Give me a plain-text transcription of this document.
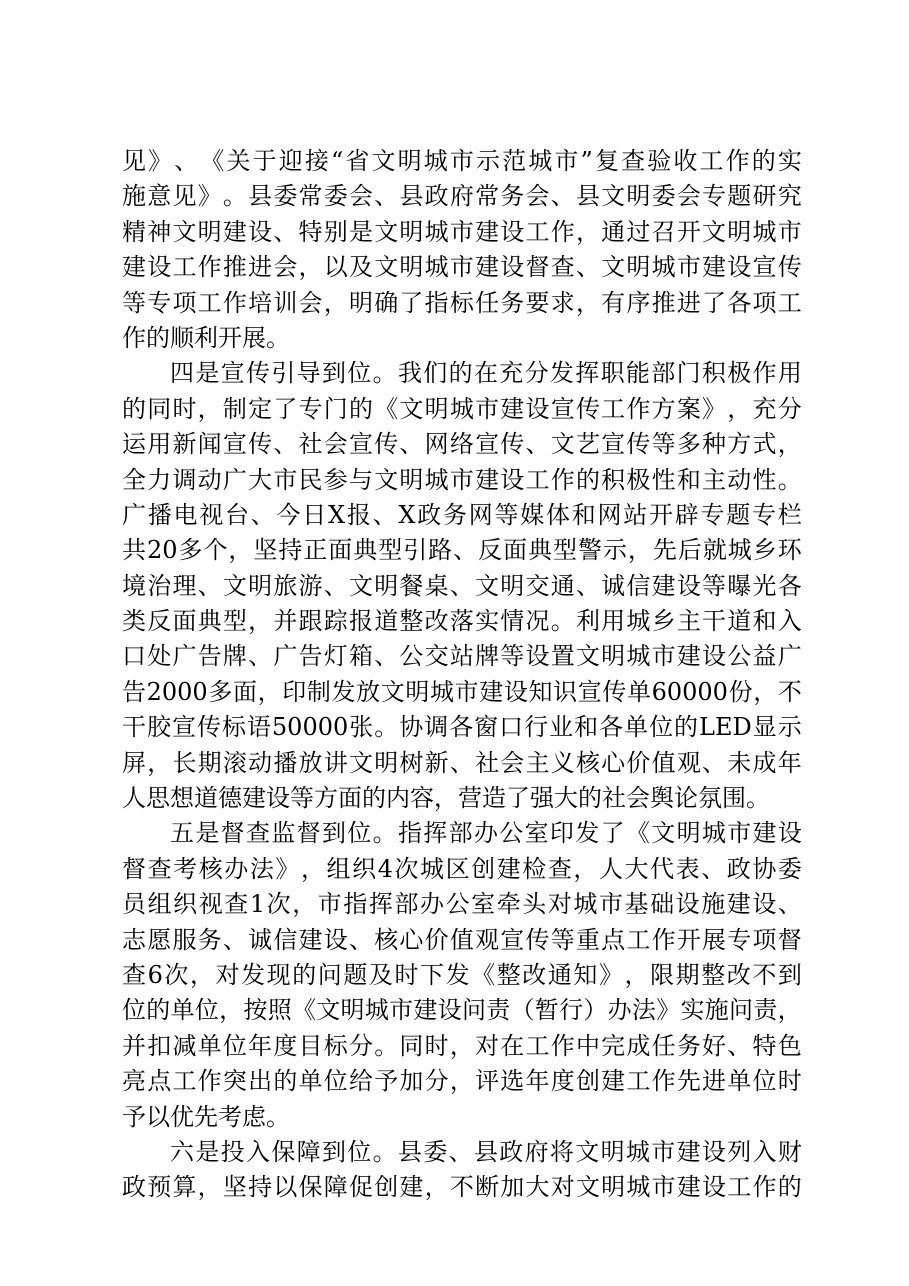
见 》 、 《 关 于 迎 接 “ 省 文 明 城 市 示 范 城 市 ” 复 查 验 收 工 作 的 实
施 意 见 》 。 县 委 常 委 会 、 县 政 府 常 务 会 、 县 文 明 委 会 专 题 研 究
精 神 文 明 建 设 、 特 别 是 文 明 城 市 建 设 工 作 ， 通 过 召 开 文 明 城 市
建 设 工 作 推 进 会 ， 以 及 文 明 城 市 建 设 督 查 、 文 明 城 市 建 设 宣 传
等 专 项 工 作 培 训 会 ， 明 确 了 指 标 任 务 要 求 ， 有 序 推 进 了 各 项 工
作 的 顺 利 开 展 。
四 是 宣 传 引 导 到 位 。 我 们 的 在 充 分 发 挥 职 能 部 门 积 极 作 用
的 同 时 ， 制 定 了 专 门 的 《 文 明 城 市 建 设 宣 传 工 作 方 案 》 ， 充 分
运 用 新 闻 宣 传 、 社 会 宣 传 、 网 络 宣 传 、 文 艺 宣 传 等 多 种 方 式 ，
全 力 调 动 广 大 市 民 参 与 文 明 城 市 建 设 工 作 的 积 极 性 和 主 动 性 。
广 播 电 视 台 、 今 日 X 报 、 X 政 务 网 等 媒 体 和 网 站 开 辟 专 题 专 栏
共 20 多 个 ， 坚 持 正 面 典 型 引 路 、 反 面 典 型 警 示 ， 先 后 就 城 乡 环
境 治 理 、 文 明 旅 游 、 文 明 餐 桌 、 文 明 交 通 、 诚 信 建 设 等 曝 光 各
类 反 面 典 型 ， 并 跟 踪 报 道 整 改 落 实 情 况 。 利 用 城 乡 主 干 道 和 入
口 处 广 告 牌 、 广 告 灯 箱 、 公 交 站 牌 等 设 置 文 明 城 市 建 设 公 益 广
告 2000 多 面 ， 印 制 发 放 文 明 城 市 建 设 知 识 宣 传 单 60000 份 ， 不
干 胶 宣 传 标 语 50000 张 。 协 调 各 窗 口 行 业 和 各 单 位 的 LED 显 示
屏 ， 长 期 滚 动 播 放 讲 文 明 树 新 、 社 会 主 义 核 心 价 值 观 、 未 成 年
人 思 想 道 德 建 设 等 方 面 的 内 容 ， 营 造 了 强 大 的 社 会 舆 论 氛 围 。
五 是 督 查 监 督 到 位 。 指 挥 部 办 公 室 印 发 了 《 文 明 城 市 建 设
督 查 考 核 办 法 》 ， 组 织 4 次 城 区 创 建 检 查 ， 人 大 代 表 、 政 协 委
员 组 织 视 查 1 次 ， 市 指 挥 部 办 公 室 牵 头 对 城 市 基 础 设 施 建 设 、
志 愿 服 务 、 诚 信 建 设 、 核 心 价 值 观 宣 传 等 重 点 工 作 开 展 专 项 督
查 6 次 ， 对 发 现 的 问 题 及 时 下 发 《 整 改 通 知 》 ， 限 期 整 改 不 到
位 的 单 位 ， 按 照 《 文 明 城 市 建 设 问 责 （ 暂 行 ） 办 法 》 实 施 问 责 ，
并 扣 减 单 位 年 度 目 标 分 。 同 时 ， 对 在 工 作 中 完 成 任 务 好 、 特 色
亮 点 工 作 突 出 的 单 位 给 予 加 分 ， 评 选 年 度 创 建 工 作 先 进 单 位 时
予 以 优 先 考 虑 。
六 是 投 入 保 障 到 位 。 县 委 、 县 政 府 将 文 明 城 市 建 设 列 入 财
政 预 算 ， 坚 持 以 保 障 促 创 建 ， 不 断 加 大 对 文 明 城 市 建 设 工 作 的
